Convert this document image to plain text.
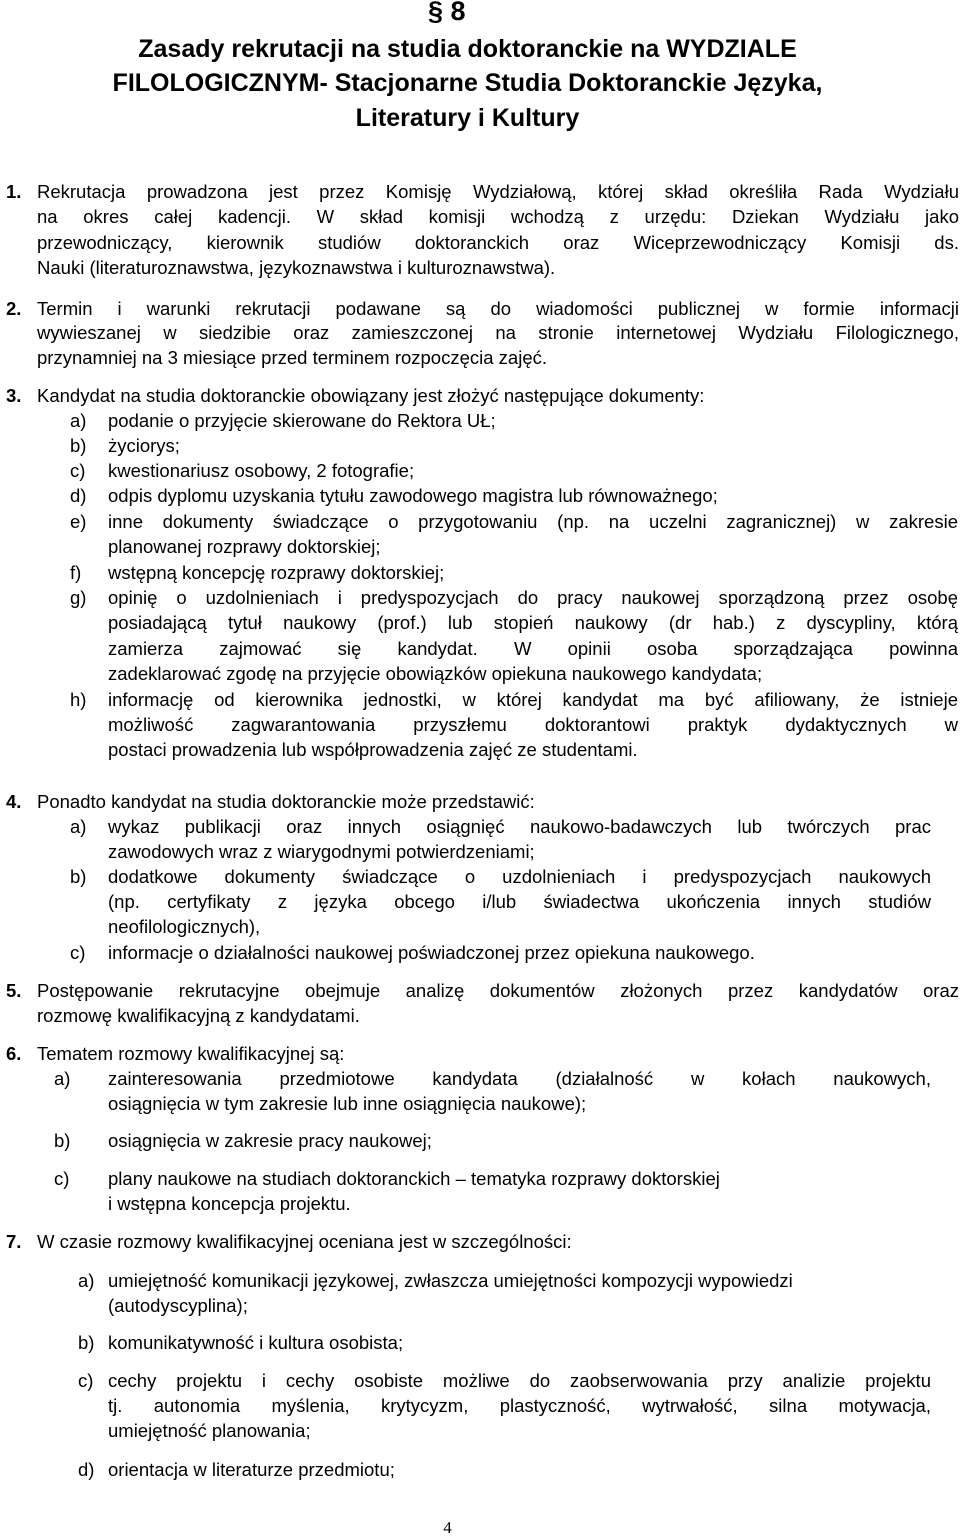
§ 8
Zasady rekrutacji na studia doktoranckie na WYDZIALE
FILOLOGICZNYM- Stacjonarne Studia Doktoranckie Języka,
Literatury i Kultury
1. Rekrutacja prowadzona jest przez Komisję Wydziałową, której skład określiła Rada Wydziału
na okres całej kadencji. W skład komisji wchodzą z urzędu: Dziekan Wydziału jako
przewodniczący, kierownik studiów doktoranckich oraz Wiceprzewodniczący Komisji ds.
Nauki (literaturoznawstwa, językoznawstwa i kulturoznawstwa).
2. Termin i warunki rekrutacji podawane są do wiadomości publicznej w formie informacji
wywieszanej w siedzibie oraz zamieszczonej na stronie internetowej Wydziału Filologicznego,
przynamniej na 3 miesiące przed terminem rozpoczęcia zajęć.
3. Kandydat na studia doktoranckie obowiązany jest złożyć następujące dokumenty:
a) podanie o przyjęcie skierowane do Rektora UŁ;
b) życiorys;
c) kwestionariusz osobowy, 2 fotografie;
d) odpis dyplomu uzyskania tytułu zawodowego magistra lub równoważnego;
e) inne dokumenty świadczące o przygotowaniu (np. na uczelni zagranicznej) w zakresie
planowanej rozprawy doktorskiej;
f) wstępną koncepcję rozprawy doktorskiej;
g) opinię o uzdolnieniach i predyspozycjach do pracy naukowej sporządzoną przez osobę
posiadającą tytuł naukowy (prof.) lub stopień naukowy (dr hab.) z dyscypliny, którą
zamierza zajmować się kandydat. W opinii osoba sporządzająca powinna
zadeklarować zgodę na przyjęcie obowiązków opiekuna naukowego kandydata;
h) informację od kierownika jednostki, w której kandydat ma być afiliowany, że istnieje
możliwość zagwarantowania przyszłemu doktorantowi praktyk dydaktycznych w
postaci prowadzenia lub współprowadzenia zajęć ze studentami.
4. Ponadto kandydat na studia doktoranckie może przedstawić:
a) wykaz publikacji oraz innych osiągnięć naukowo-badawczych lub twórczych prac
zawodowych wraz z wiarygodnymi potwierdzeniami;
b) dodatkowe dokumenty świadczące o uzdolnieniach i predyspozycjach naukowych
(np. certyfikaty z języka obcego i/lub świadectwa ukończenia innych studiów
neofilologicznych),
c) informacje o działalności naukowej poświadczonej przez opiekuna naukowego.
5. Postępowanie rekrutacyjne obejmuje analizę dokumentów złożonych przez kandydatów oraz
rozmowę kwalifikacyjną z kandydatami.
6. Tematem rozmowy kwalifikacyjnej są:
a) zainteresowania przedmiotowe kandydata (działalność w kołach naukowych,
osiągnięcia w tym zakresie lub inne osiągnięcia naukowe);
b) osiągnięcia w zakresie pracy naukowej;
c) plany naukowe na studiach doktoranckich – tematyka rozprawy doktorskiej
i wstępna koncepcja projektu.
7. W czasie rozmowy kwalifikacyjnej oceniana jest w szczególności:
a) umiejętność komunikacji językowej, zwłaszcza umiejętności kompozycji wypowiedzi
(autodyscyplina);
b) komunikatywność i kultura osobista;
c) cechy projektu i cechy osobiste możliwe do zaobserwowania przy analizie projektu
tj. autonomia myślenia, krytycyzm, plastyczność, wytrwałość, silna motywacja,
umiejętność planowania;
d) orientacja w literaturze przedmiotu;
4
